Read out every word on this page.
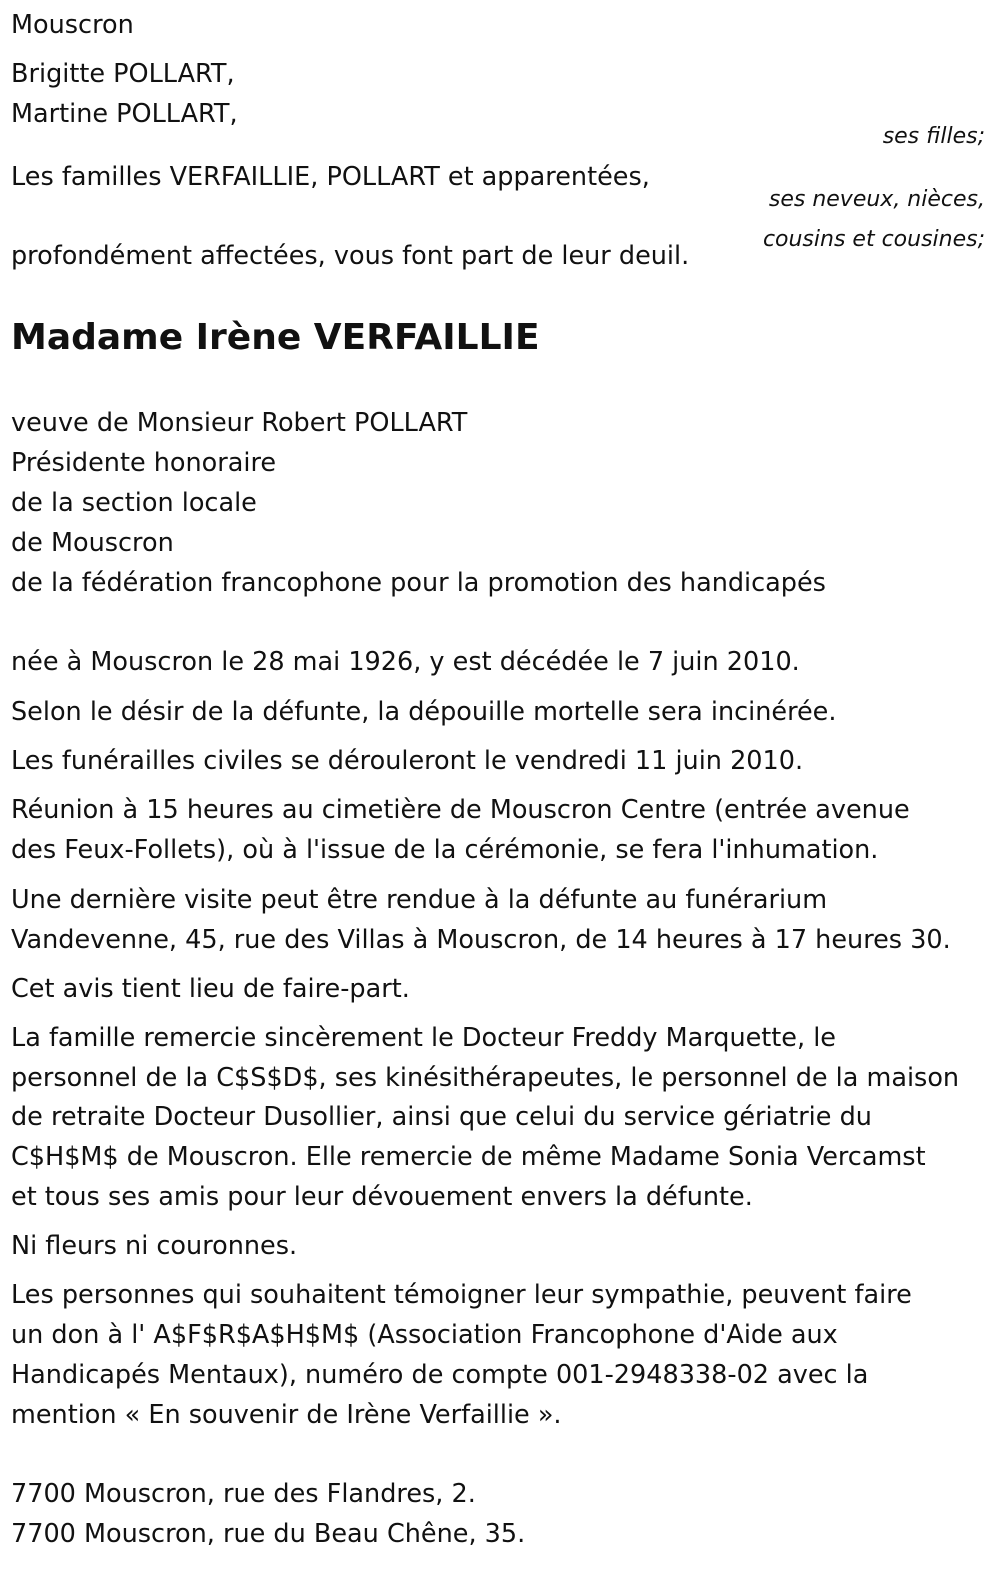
Mouscron
Brigitte POLLART,
Martine POLLART,
ses filles;
Les familles VERFAILLIE, POLLART et apparentées,
ses neveux, nièces,
cousins et cousines;
profondément affectées, vous font part de leur deuil.
Madame Irène VERFAILLIE
veuve de Monsieur Robert POLLART
Présidente honoraire
de la section locale
de Mouscron
de la fédération francophone pour la promotion des handicapés
née à Mouscron le 28 mai 1926, y est décédée le 7 juin 2010.
Selon le désir de la défunte, la dépouille mortelle sera incinérée.
Les funérailles civiles se dérouleront le vendredi 11 juin 2010.
Réunion à 15 heures au cimetière de Mouscron Centre (entrée avenue
des Feux-Follets), où à l'issue de la cérémonie, se fera l'inhumation.
Une dernière visite peut être rendue à la défunte au funérarium
Vandevenne, 45, rue des Villas à Mouscron, de 14 heures à 17 heures 30.
Cet avis tient lieu de faire-part.
La famille remercie sincèrement le Docteur Freddy Marquette, le
personnel de la C$S$D$, ses kinésithérapeutes, le personnel de la maison
de retraite Docteur Dusollier, ainsi que celui du service gériatrie du
C$H$M$ de Mouscron. Elle remercie de même Madame Sonia Vercamst
et tous ses amis pour leur dévouement envers la défunte.
Ni fleurs ni couronnes.
Les personnes qui souhaitent témoigner leur sympathie, peuvent faire
un don à l' A$F$R$A$H$M$ (Association Francophone d'Aide aux
Handicapés Mentaux), numéro de compte 001-2948338-02 avec la
mention « En souvenir de Irène Verfaillie ».
7700 Mouscron, rue des Flandres, 2.
7700 Mouscron, rue du Beau Chêne, 35.
